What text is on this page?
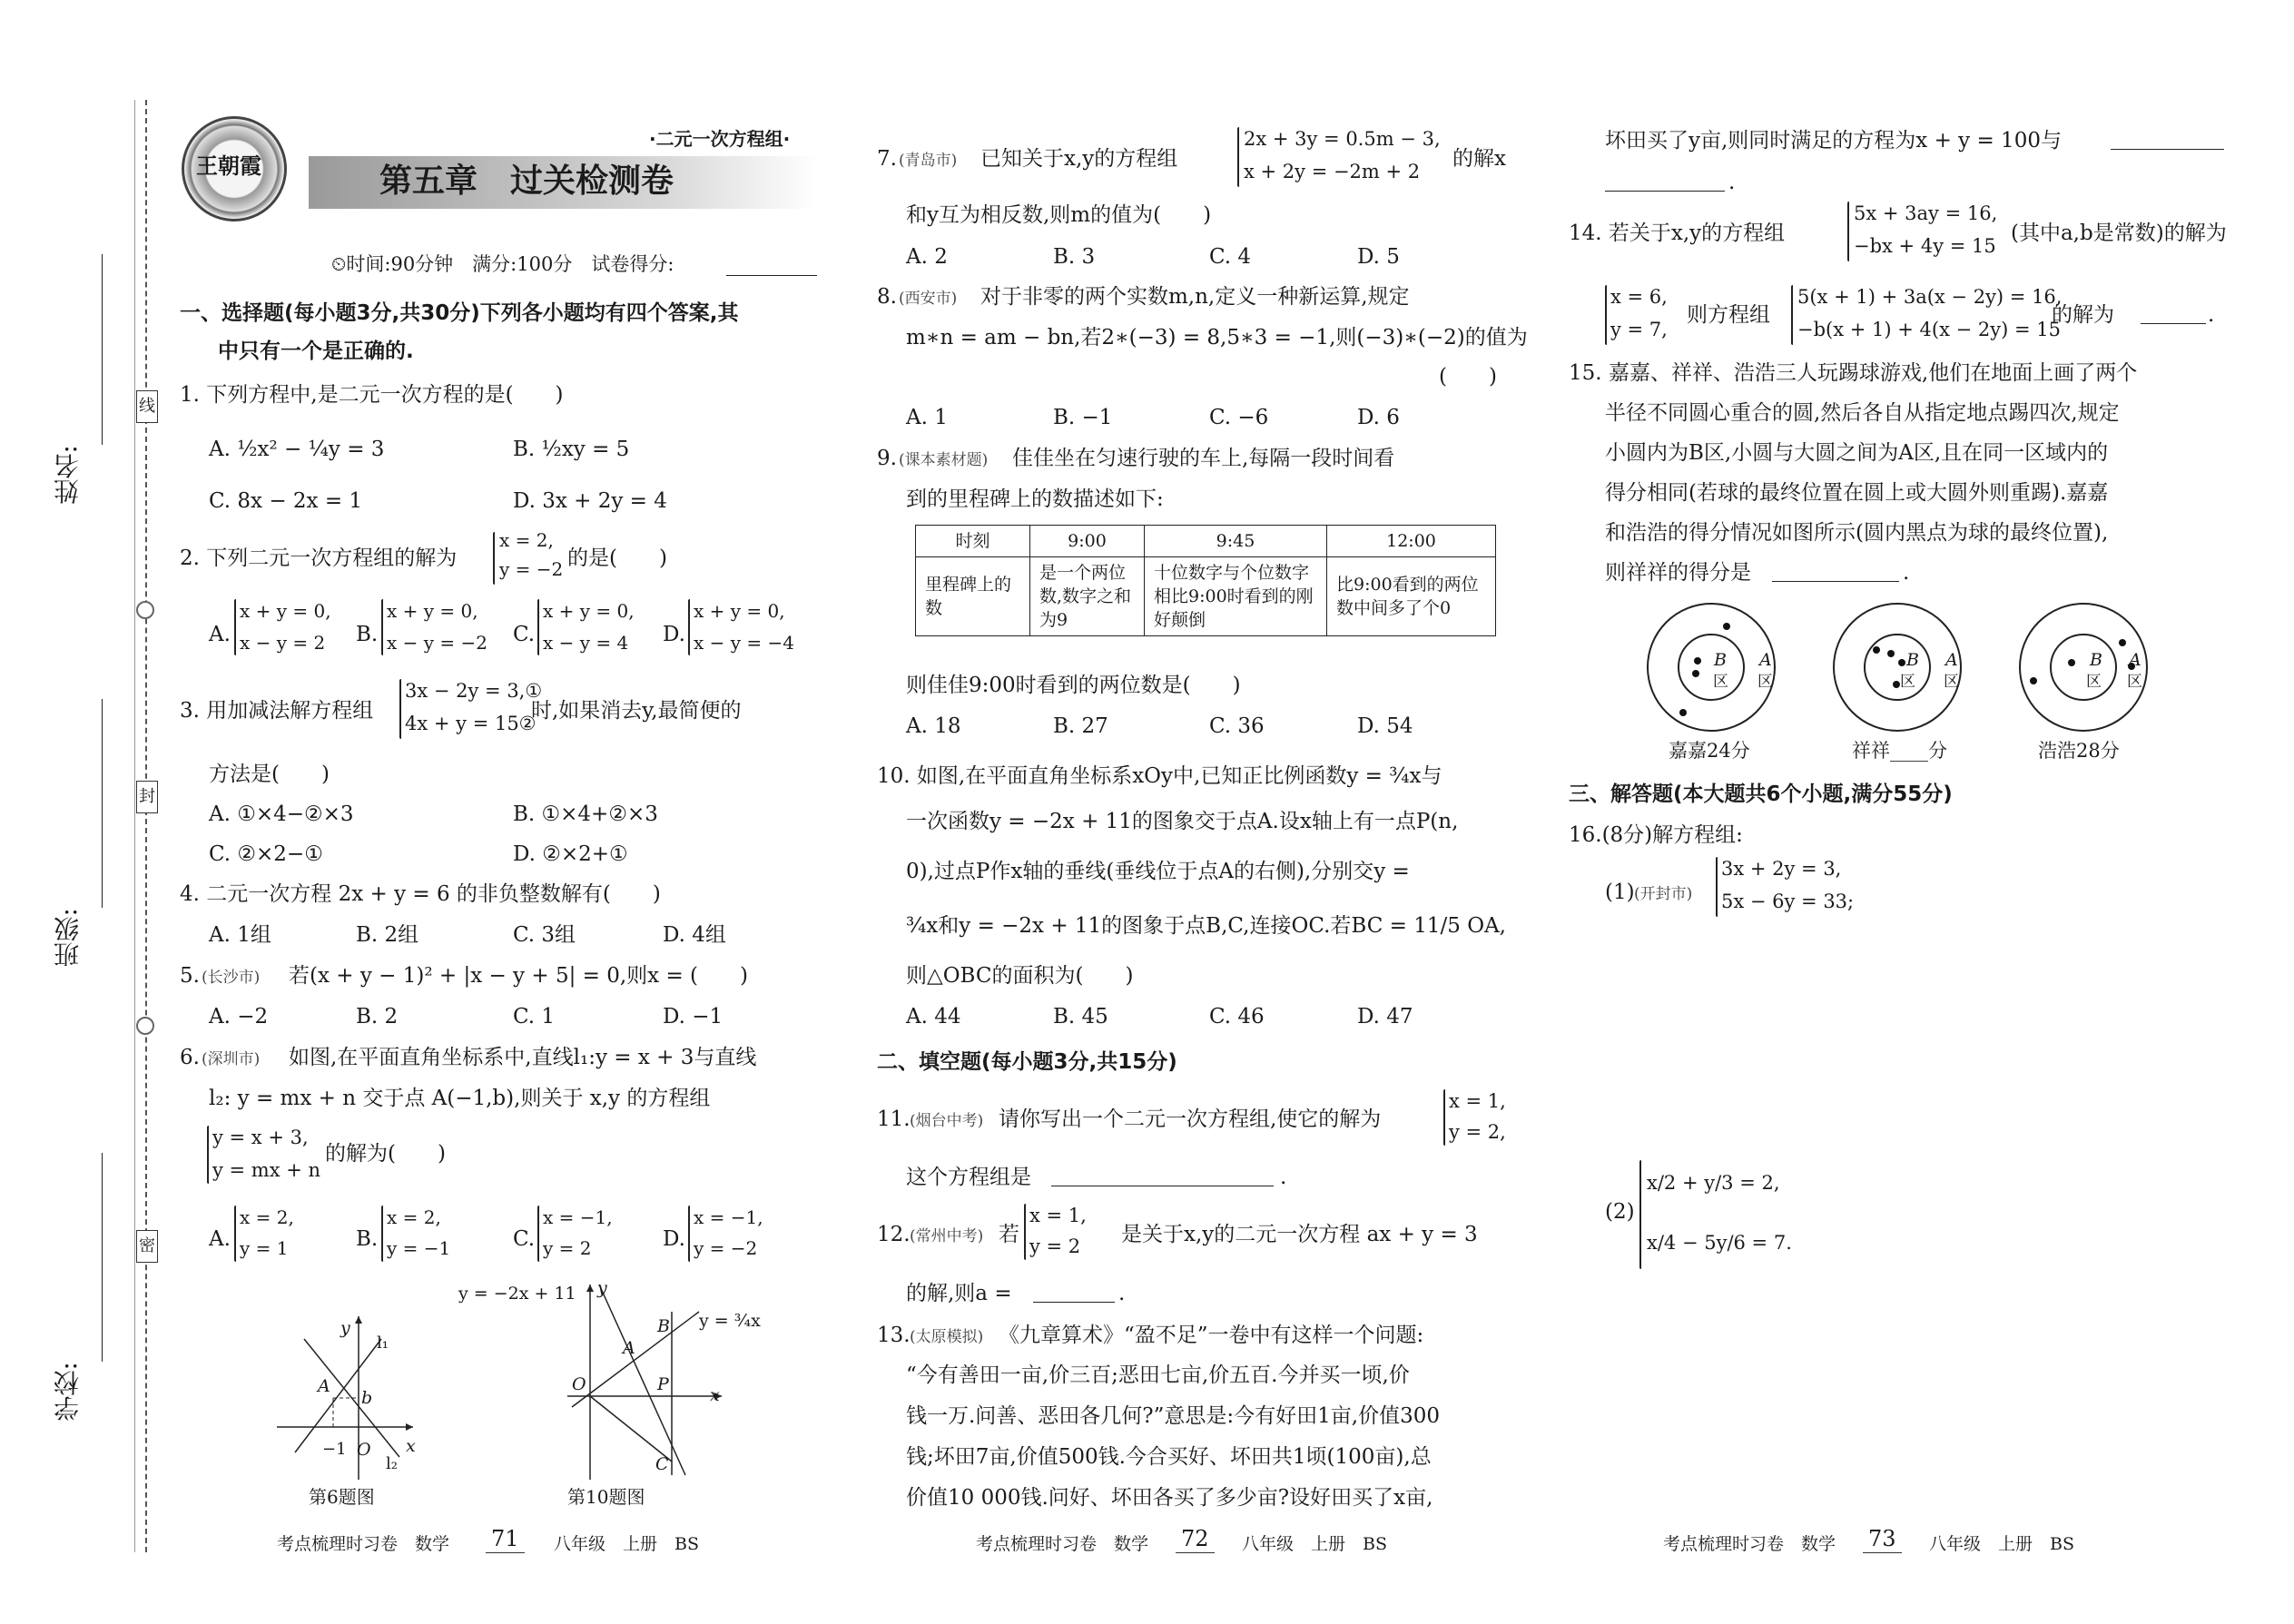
线
封
密
姓名:
班级:
学校:
王朝霞	第五章　过关检测卷
·二元一次方程组·
⏲时间:90分钟　满分:100分　试卷得分:
一、选择题(每小题3分,共30分)下列各小题均有四个答案,其
中只有一个是正确的.
1. 下列方程中,是二元一次方程的是(　　)
A. ½x² − ¼y = 3	B. ½xy = 5
C. 8x − 2x = 1	D. 3x + 2y = 4
2. 下列二元一次方程组的解为
x = 2,
y = −2 的是(　　)
A.
x + y = 0,
x − y = 2 B.
x + y = 0,
x − y = −2 C.
x + y = 0,
x − y = 4 D.
x + y = 0,
x − y = −4
3. 用加减法解方程组
3x − 2y = 3,①
4x + y = 15②
时,如果消去y,最简便的
方法是(　　)
A. ①×4−②×3	B. ①×4+②×3
C. ②×2−①	D. ②×2+①
4. 二元一次方程 2x + y = 6 的非负整数解有(　　)
A. 1组	B. 2组	C. 3组	D. 4组
5. (长沙市) 若(x + y − 1)² + |x − y + 5| = 0,则x = (　　)
A. −2	B. 2	C. 1	D. −1
6. (深圳市) 如图,在平面直角坐标系中,直线l₁:y = x + 3与直线
l₂: y = mx + n 交于点 A(−1,b),则关于 x,y 的方程组
y = x + 3,
y = mx + n
的解为(　　)
A.
x = 2,
y = 1	B.
x = 2,
y = −1	C.
x = −1,
y = 2	D.
x = −1,
y = −2
l₁
l₂
A
b
y
x
O
−1
第6题图
y = −2x + 11
y = ¾x
B
A
O	P
C
x
y
第10题图
考点梳理时习卷　数学 71	八年级　上册　BS
7. (青岛市) 已知关于x,y的方程组
2x + 3y = 0.5m − 3,
x + 2y = −2m + 2
的解x
和y互为相反数,则m的值为(　　)
A. 2	B. 3	C. 4	D. 5
8. (西安市) 对于非零的两个实数m,n,定义一种新运算,规定
m∗n = am − bn,若2∗(−3) = 8,5∗3 = −1,则(−3)∗(−2)的值为
(　　)
A. 1	B. −1	C. −6	D. 6
9. (课本素材题) 佳佳坐在匀速行驶的车上,每隔一段时间看
到的里程碑上的数描述如下:
时刻	9:00	9:45	12:00
里程碑上的数	是一个两位数,数字之和为9	十位数字与个位数字相比9:00时看到的刚好颠倒	比9:00看到的两位数中间多了个0
则佳佳9:00时看到的两位数是(　　)
A. 18	B. 27	C. 36	D. 54
10. 如图,在平面直角坐标系xOy中,已知正比例函数y = ¾x与
一次函数y = −2x + 11的图象交于点A.设x轴上有一点P(n,
0),过点P作x轴的垂线(垂线位于点A的右侧),分别交y =
¾x和y = −2x + 11的图象于点B,C,连接OC.若BC = 11/5 OA,
则△OBC的面积为(　　)
A. 44	B. 45	C. 46	D. 47
二、填空题(每小题3分,共15分)
11. (烟台中考) 请你写出一个二元一次方程组,使它的解为
x = 1,
y = 2,
这个方程组是	.
12. (常州中考) 若
x = 1,
y = 2 是关于x,y的二元一次方程 ax + y = 3
的解,则a =	.
13. (太原模拟) 《九章算术》“盈不足”一卷中有这样一个问题:
“今有善田一亩,价三百;恶田七亩,价五百.今并买一顷,价
钱一万.问善、恶田各几何?”意思是:今有好田1亩,价值300
钱;坏田7亩,价值500钱.今合买好、坏田共1顷(100亩),总
价值10 000钱.问好、坏田各买了多少亩?设好田买了x亩,
考点梳理时习卷　数学 72	八年级　上册　BS
坏田买了y亩,则同时满足的方程为x + y = 100与
.
14. 若关于x,y的方程组
5x + 3ay = 16,
−bx + 4y = 15
(其中a,b是常数)的解为
x = 6,
y = 7,
则方程组
5(x + 1) + 3a(x − 2y) = 16,
−b(x + 1) + 4(x − 2y) = 15
的解为	.
15. 嘉嘉、祥祥、浩浩三人玩踢球游戏,他们在地面上画了两个
半径不同圆心重合的圆,然后各自从指定地点踢四次,规定
小圆内为B区,小圆与大圆之间为A区,且在同一区域内的
得分相同(若球的最终位置在圆上或大圆外则重踢).嘉嘉
和浩浩的得分情况如图所示(圆内黑点为球的最终位置),
则祥祥的得分是	.
B
区
A
区
B
区
A
区
B
区
A
区
嘉嘉24分	祥祥____分	浩浩28分
三、解答题(本大题共6个小题,满分55分)
16.(8分)解方程组:
(1) (开封市)
3x + 2y = 3,
5x − 6y = 33;
(2)
x/2 + y/3 = 2,
x/4 − 5y/6 = 7.
考点梳理时习卷　数学 73	八年级　上册　BS
